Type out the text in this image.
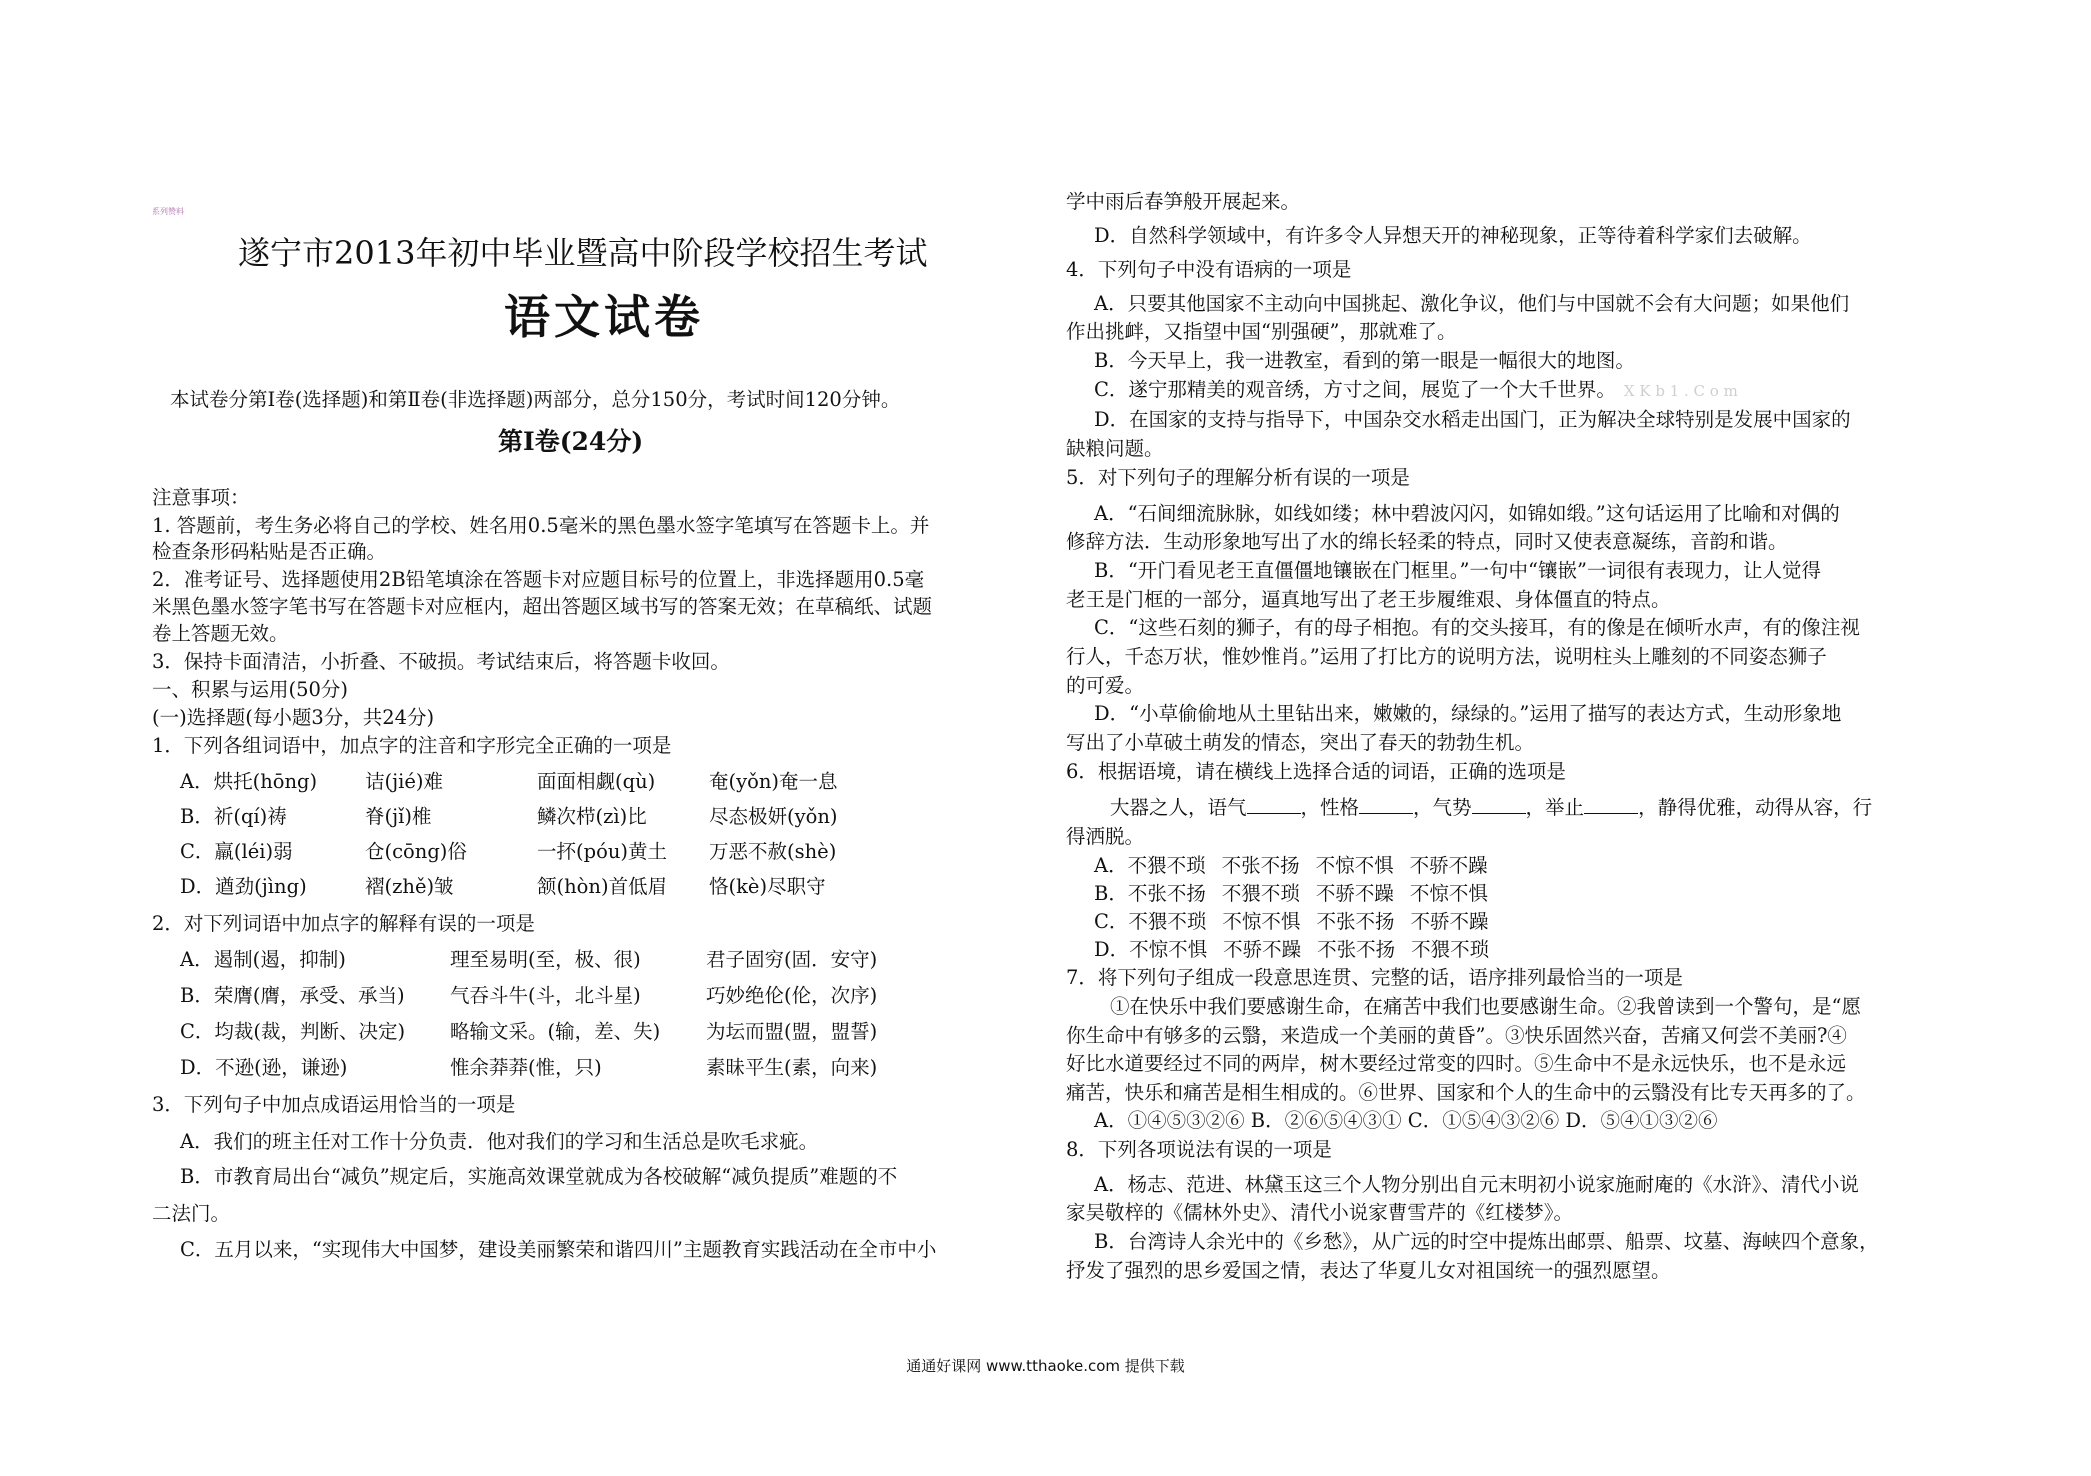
系列赞料
遂宁市2013年初中毕业暨高中阶段学校招生考试
语文试卷
本试卷分第Ⅰ卷(选择题)和第Ⅱ卷(非选择题)两部分，总分150分，考试时间120分钟。
第Ⅰ卷(24分)
注意事项：
1. 答题前，考生务必将自己的学校、姓名用0.5毫米的黑色墨水签字笔填写在答题卡上。并
检查条形码粘贴是否正确。
2．准考证号、选择题使用2B铅笔填涂在答题卡对应题目标号的位置上，非选择题用0.5毫
米黑色墨水签字笔书写在答题卡对应框内，超出答题区域书写的答案无效；在草稿纸、试题
卷上答题无效。
3．保持卡面清洁，小折叠、不破损。考试结束后，将答题卡收回。
一、积累与运用(50分)
(一)选择题(每小题3分，共24分)
1．下列各组词语中，加点字的注音和字形完全正确的一项是
A．烘托(hōng)	诘(jié)难	面面相觑(qù)	奄(yǒn)奄一息
B．祈(qí)祷	脊(jǐ)椎	鳞次栉(zì)比	尽态极妍(yǒn)
C．羸(léi)弱	仓(cōng)俗	一抔(póu)黄土	万恶不赦(shè)
D．遒劲(jìng)	褶(zhě)皱	颔(hòn)首低眉	恪(kè)尽职守
2．对下列词语中加点字的解释有误的一项是
A．遏制(遏，抑制)	理至易明(至，极、很)	君子固穷(固．安守)
B．荣膺(膺，承受、承当)	气吞斗牛(斗，北斗星)	巧妙绝伦(伦，次序)
C．均裁(裁，判断、决定)	略输文采。(输，差、失)	为坛而盟(盟，盟誓)
D．不逊(逊，谦逊)	惟余莽莽(惟，只)	素昧平生(素，向来)
3．下列句子中加点成语运用恰当的一项是
A．我们的班主任对工作十分负责．他对我们的学习和生活总是吹毛求疵。
B．市教育局出台“减负”规定后，实施高效课堂就成为各校破解“减负提质”难题的不
二法门。
C．五月以来，“实现伟大中国梦，建设美丽繁荣和谐四川”主题教育实践活动在全市中小
学中雨后春笋般开展起来。
D．自然科学领域中，有许多令人异想天开的神秘现象，正等待着科学家们去破解。
4．下列句子中没有语病的一项是
A．只要其他国家不主动向中国挑起、激化争议，他们与中国就不会有大问题；如果他们
作出挑衅，又指望中国“别强硬”，那就难了。
B．今天早上，我一进教室，看到的第一眼是一幅很大的地图。
C．遂宁那精美的观音绣，方寸之间，展览了一个大千世界。 X K b 1 . C o m
D．在国家的支持与指导下，中国杂交水稻走出国门，正为解决全球特别是发展中国家的
缺粮问题。
5．对下列句子的理解分析有误的一项是
A．“石间细流脉脉，如线如缕；林中碧波闪闪，如锦如缎。”这句话运用了比喻和对偶的
修辞方法．生动形象地写出了水的绵长轻柔的特点，同时又使表意凝练，音韵和谐。
B．“开门看见老王直僵僵地镶嵌在门框里。”一句中“镶嵌”一词很有表现力，让人觉得
老王是门框的一部分，逼真地写出了老王步履维艰、身体僵直的特点。
C．“这些石刻的狮子，有的母子相抱。有的交头接耳，有的像是在倾听水声，有的像注视
行人，千态万状，惟妙惟肖。”运用了打比方的说明方法，说明柱头上雕刻的不同姿态狮子
的可爱。
D．“小草偷偷地从土里钻出来，嫩嫩的，绿绿的。”运用了描写的表达方式，生动形象地
写出了小草破土萌发的情态，突出了春天的勃勃生机。
6．根据语境，请在横线上选择合适的词语，正确的选项是
大器之人，语气	，性格	，气势	，举止	，静得优雅，动得从容，行
得洒脱。
A．不猥不琐 不张不扬 不惊不惧 不骄不躁
B．不张不扬 不猥不琐 不骄不躁 不惊不惧
C．不猥不琐 不惊不惧 不张不扬 不骄不躁
D．不惊不惧 不骄不躁 不张不扬 不猥不琐
7．将下列句子组成一段意思连贯、完整的话，语序排列最恰当的一项是
①在快乐中我们要感谢生命，在痛苦中我们也要感谢生命。②我曾读到一个警句，是“愿
你生命中有够多的云翳，来造成一个美丽的黄昏”。③快乐固然兴奋，苦痛又何尝不美丽?④
好比水道要经过不同的两岸，树木要经过常变的四时。⑤生命中不是永远快乐，也不是永远
痛苦，快乐和痛苦是相生相成的。⑥世界、国家和个人的生命中的云翳没有比专天再多的了。
A．①④⑤③②⑥ B．②⑥⑤④③① C．①⑤④③②⑥ D．⑤④①③②⑥
8．下列各项说法有误的一项是
A．杨志、范进、林黛玉这三个人物分别出自元末明初小说家施耐庵的《水浒》、清代小说
家吴敬梓的《儒林外史》、清代小说家曹雪芹的《红楼梦》。
B．台湾诗人余光中的《乡愁》，从广远的时空中提炼出邮票、船票、坟墓、海峡四个意象，
抒发了强烈的思乡爱国之情，表达了华夏儿女对祖国统一的强烈愿望。
通通好课网 www.tthaoke.com 提供下载
